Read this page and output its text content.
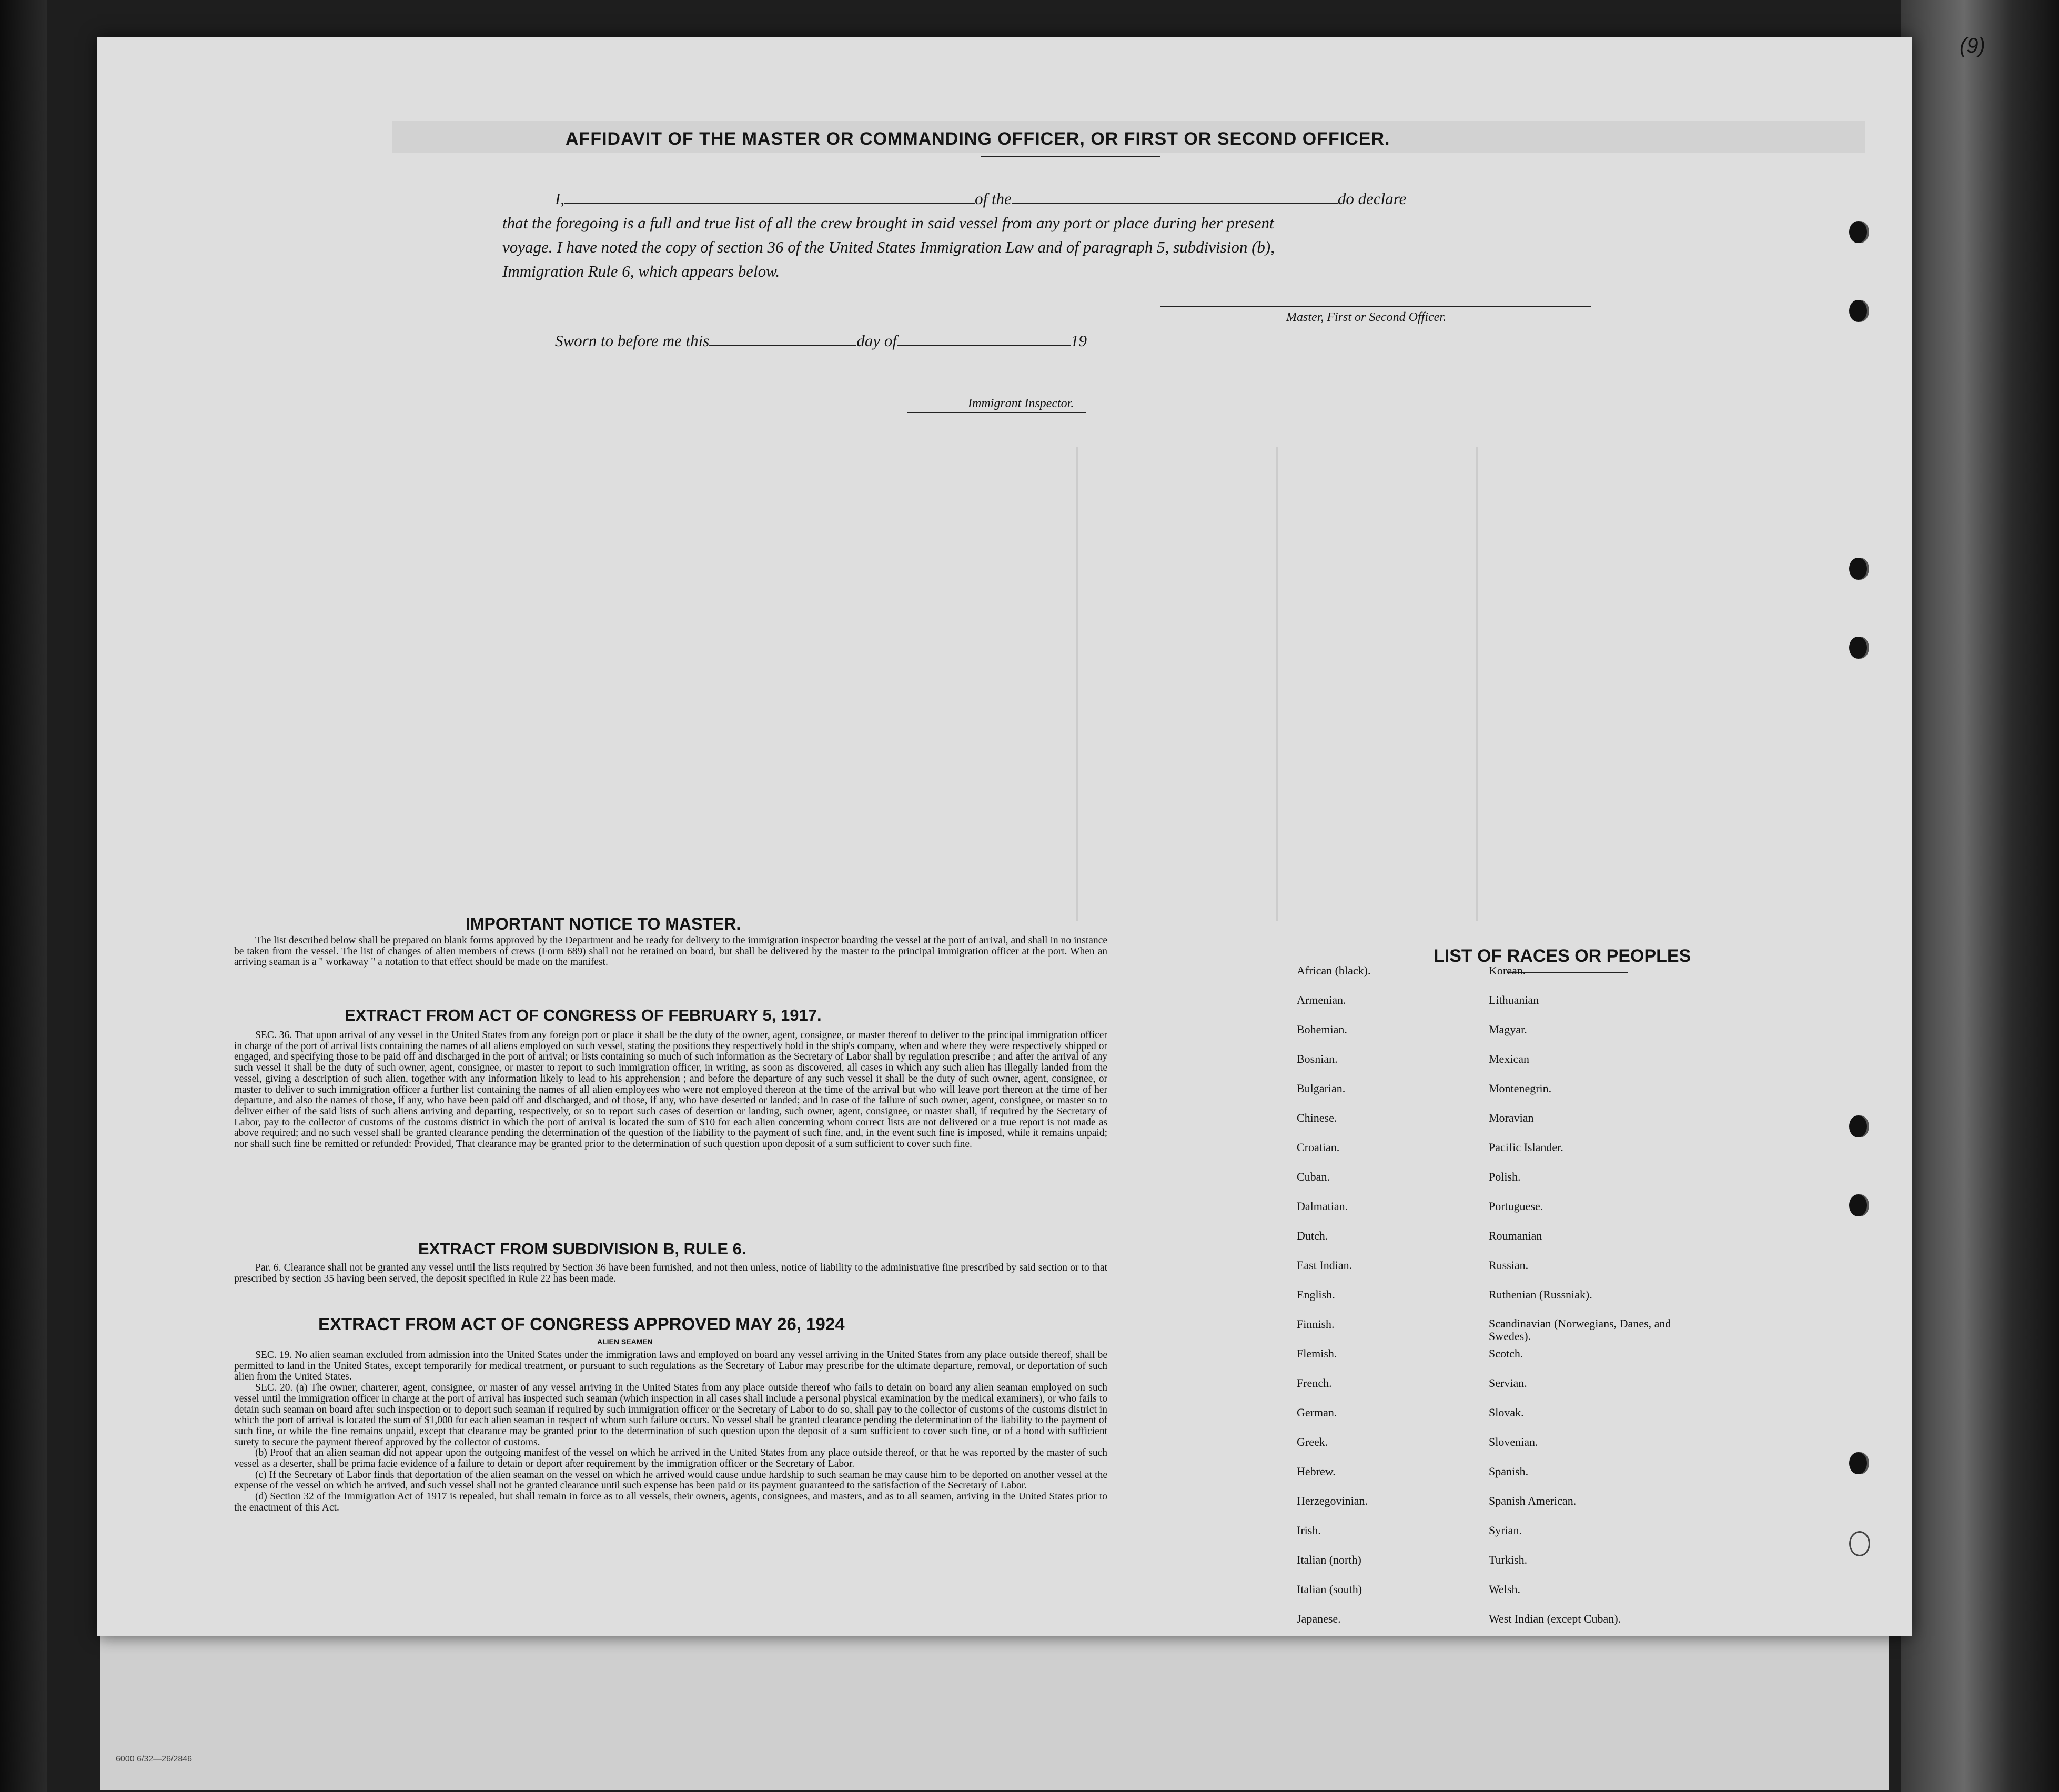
(9)
AFFIDAVIT OF THE MASTER OR COMMANDING OFFICER, OR FIRST OR SECOND OFFICER.
I,	of the	do declare
that the foregoing is a full and true list of all the crew brought in said vessel from any port or place during her present
voyage. I have noted the copy of section 36 of the United States Immigration Law and of paragraph 5, subdivision (b),
Immigration Rule 6, which appears below.
Master, First or Second Officer.
Sworn to before me this	day of	19
Immigrant Inspector.
IMPORTANT NOTICE TO MASTER.

The list described below shall be prepared on blank forms approved by the Department and be ready for delivery to the immigration inspector boarding the vessel at the port of arrival, and shall in no instance be taken from the vessel. The list of changes of alien members of crews (Form 689) shall not be retained on board, but shall be delivered by the master to the principal immigration officer at the port. When an arriving seaman is a " workaway " a notation to that effect should be made on the manifest.

EXTRACT FROM ACT OF CONGRESS OF FEBRUARY 5, 1917.

SEC. 36. That upon arrival of any vessel in the United States from any foreign port or place it shall be the duty of the owner, agent, consignee, or master thereof to deliver to the principal immigration officer in charge of the port of arrival lists containing the names of all aliens employed on such vessel, stating the positions they respectively hold in the ship's company, when and where they were respectively shipped or engaged, and specifying those to be paid off and discharged in the port of arrival; or lists containing so much of such information as the Secretary of Labor shall by regulation prescribe ; and after the arrival of any such vessel it shall be the duty of such owner, agent, consignee, or master to report to such immigration officer, in writing, as soon as discovered, all cases in which any such alien has illegally landed from the vessel, giving a description of such alien, together with any information likely to lead to his apprehension ; and before the departure of any such vessel it shall be the duty of such owner, agent, consignee, or master to deliver to such immigration officer a further list containing the names of all alien employees who were not employed thereon at the time of the arrival but who will leave port thereon at the time of her departure, and also the names of those, if any, who have been paid off and discharged, and of those, if any, who have deserted or landed; and in case of the failure of such owner, agent, consignee, or master so to deliver either of the said lists of such aliens arriving and departing, respectively, or so to report such cases of desertion or landing, such owner, agent, consignee, or master shall, if required by the Secretary of Labor, pay to the collector of customs of the customs district in which the port of arrival is located the sum of $10 for each alien concerning whom correct lists are not delivered or a true report is not made as above required; and no such vessel shall be granted clearance pending the determination of the question of the liability to the payment of such fine, and, in the event such fine is imposed, while it remains unpaid; nor shall such fine be remitted or refunded: Provided, That clearance may be granted prior to the determination of such question upon deposit of a sum sufficient to cover such fine.

EXTRACT FROM SUBDIVISION B, RULE 6.

Par. 6. Clearance shall not be granted any vessel until the lists required by Section 36 have been furnished, and not then unless, notice of liability to the administrative fine prescribed by said section or to that prescribed by section 35 having been served, the deposit specified in Rule 22 has been made.

EXTRACT FROM ACT OF CONGRESS APPROVED MAY 26, 1924
ALIEN SEAMEN

SEC. 19. No alien seaman excluded from admission into the United States under the immigration laws and employed on board any vessel arriving in the United States from any place outside thereof, shall be permitted to land in the United States, except temporarily for medical treatment, or pursuant to such regulations as the Secretary of Labor may prescribe for the ultimate departure, removal, or deportation of such alien from the United States.

SEC. 20. (a) The owner, charterer, agent, consignee, or master of any vessel arriving in the United States from any place outside thereof who fails to detain on board any alien seaman employed on such vessel until the immigration officer in charge at the port of arrival has inspected such seaman (which inspection in all cases shall include a personal physical examination by the medical examiners), or who fails to detain such seaman on board after such inspection or to deport such seaman if required by such immigration officer or the Secretary of Labor to do so, shall pay to the collector of customs of the customs district in which the port of arrival is located the sum of $1,000 for each alien seaman in respect of whom such failure occurs. No vessel shall be granted clearance pending the determination of the liability to the payment of such fine, or while the fine remains unpaid, except that clearance may be granted prior to the determination of such question upon the deposit of a sum sufficient to cover such fine, or of a bond with sufficient surety to secure the payment thereof approved by the collector of customs.

(b) Proof that an alien seaman did not appear upon the outgoing manifest of the vessel on which he arrived in the United States from any place outside thereof, or that he was reported by the master of such vessel as a deserter, shall be prima facie evidence of a failure to detain or deport after requirement by the immigration officer or the Secretary of Labor.

(c) If the Secretary of Labor finds that deportation of the alien seaman on the vessel on which he arrived would cause undue hardship to such seaman he may cause him to be deported on another vessel at the expense of the vessel on which he arrived, and such vessel shall not be granted clearance until such expense has been paid or its payment guaranteed to the satisfaction of the Secretary of Labor.

(d) Section 32 of the Immigration Act of 1917 is repealed, but shall remain in force as to all vessels, their owners, agents, consignees, and masters, and as to all seamen, arriving in the United States prior to the enactment of this Act.

LIST OF RACES OR PEOPLES
African (black).
Armenian.
Bohemian.
Bosnian.
Bulgarian.
Chinese.
Croatian.
Cuban.
Dalmatian.
Dutch.
East Indian.
English.
Finnish.
Flemish.
French.
German.
Greek.
Hebrew.
Herzegovinian.
Irish.
Italian (north)
Italian (south)
Japanese.
Korean.
Lithuanian
Magyar.
Mexican
Montenegrin.
Moravian
Pacific Islander.
Polish.
Portuguese.
Roumanian
Russian.
Ruthenian (Russniak).
Scandinavian (Norwegians, Danes, and Swedes).
Scotch.
Servian.
Slovak.
Slovenian.
Spanish.
Spanish American.
Syrian.
Turkish.
Welsh.
West Indian (except Cuban).
6000 6/32—26/2846
